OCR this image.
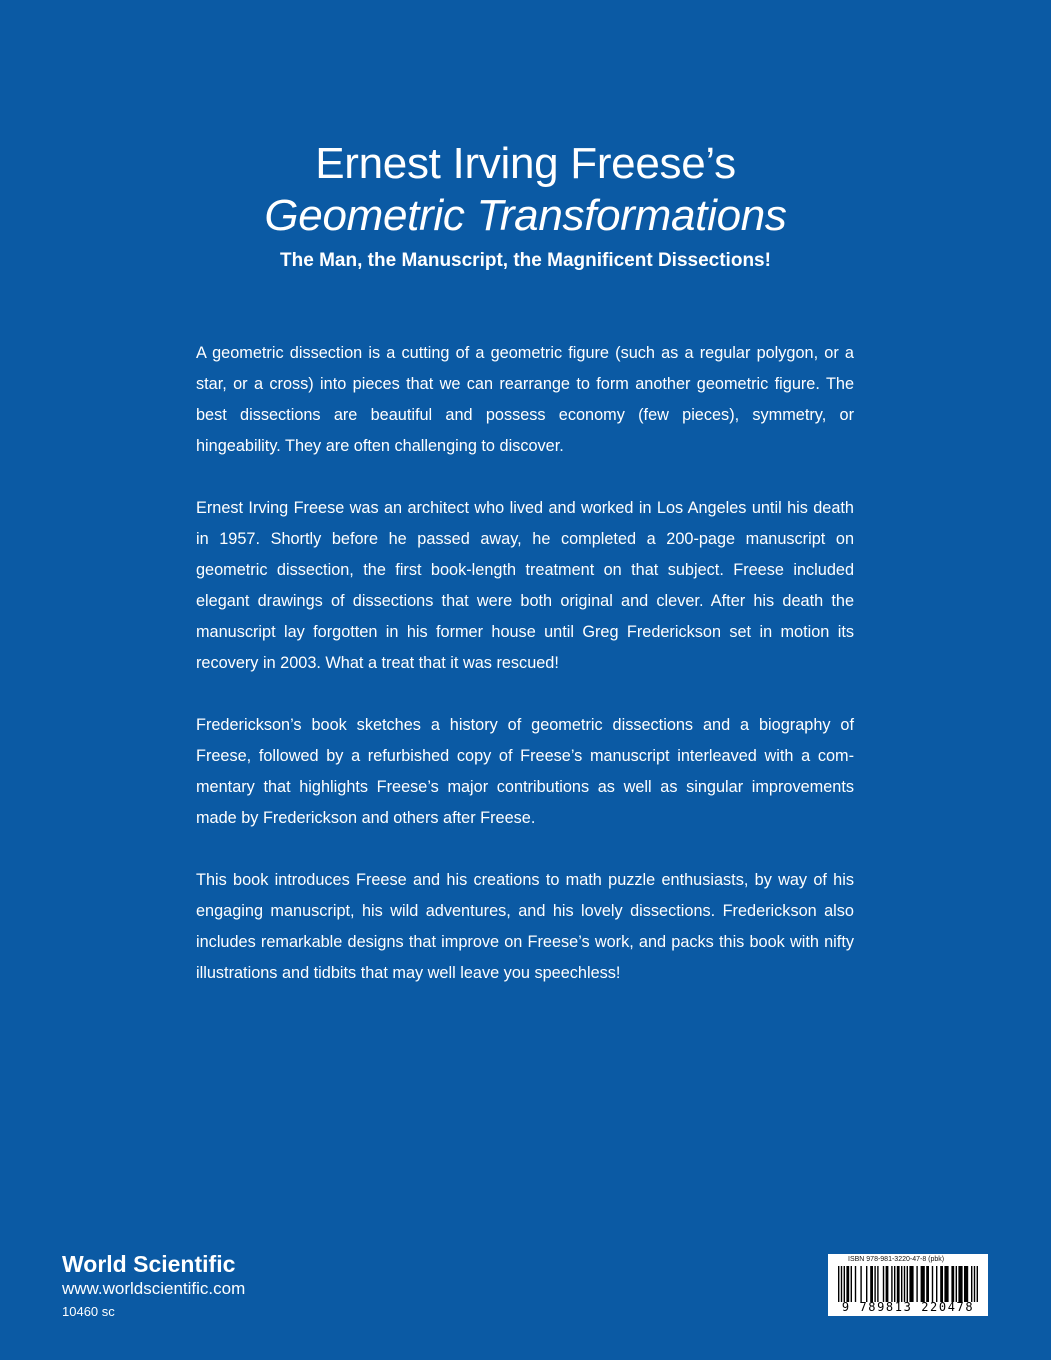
Ernest Irving Freese’s
Geometric Transformations
The Man, the Manuscript, the Magnificent Dissections!

A geometric dissection is a cutting of a geometric figure (such as a regular polygon, or a star, or a cross) into pieces that we can rearrange to form another geometric figure. The best dissections are beautiful and possess economy (few pieces), symmetry, or hingeability. They are often challenging to discover.

Ernest Irving Freese was an architect who lived and worked in Los Angeles until his death in 1957. Shortly before he passed away, he completed a 200-page manuscript on geometric dissection, the first book-length treatment on that subject. Freese included elegant drawings of dissections that were both original and clever. After his death the manuscript lay forgotten in his former house until Greg Frederickson set in motion its recovery in 2003. What a treat that it was rescued!

Frederickson’s book sketches a history of geometric dissections and a biography of Freese, followed by a refurbished copy of Freese’s manuscript interleaved with a commentary that highlights Freese’s major contributions as well as singular improvements made by Frederickson and others after Freese.

This book introduces Freese and his creations to math puzzle enthusiasts, by way of his engaging manuscript, his wild adventures, and his lovely dissections. Frederickson also includes remarkable designs that improve on Freese’s work, and packs this book with nifty illustrations and tidbits that may well leave you speechless!

World Scientific
www.worldscientific.com
10460 sc
ISBN 978-981-3220-47-8 (pbk)
9 789813 220478
